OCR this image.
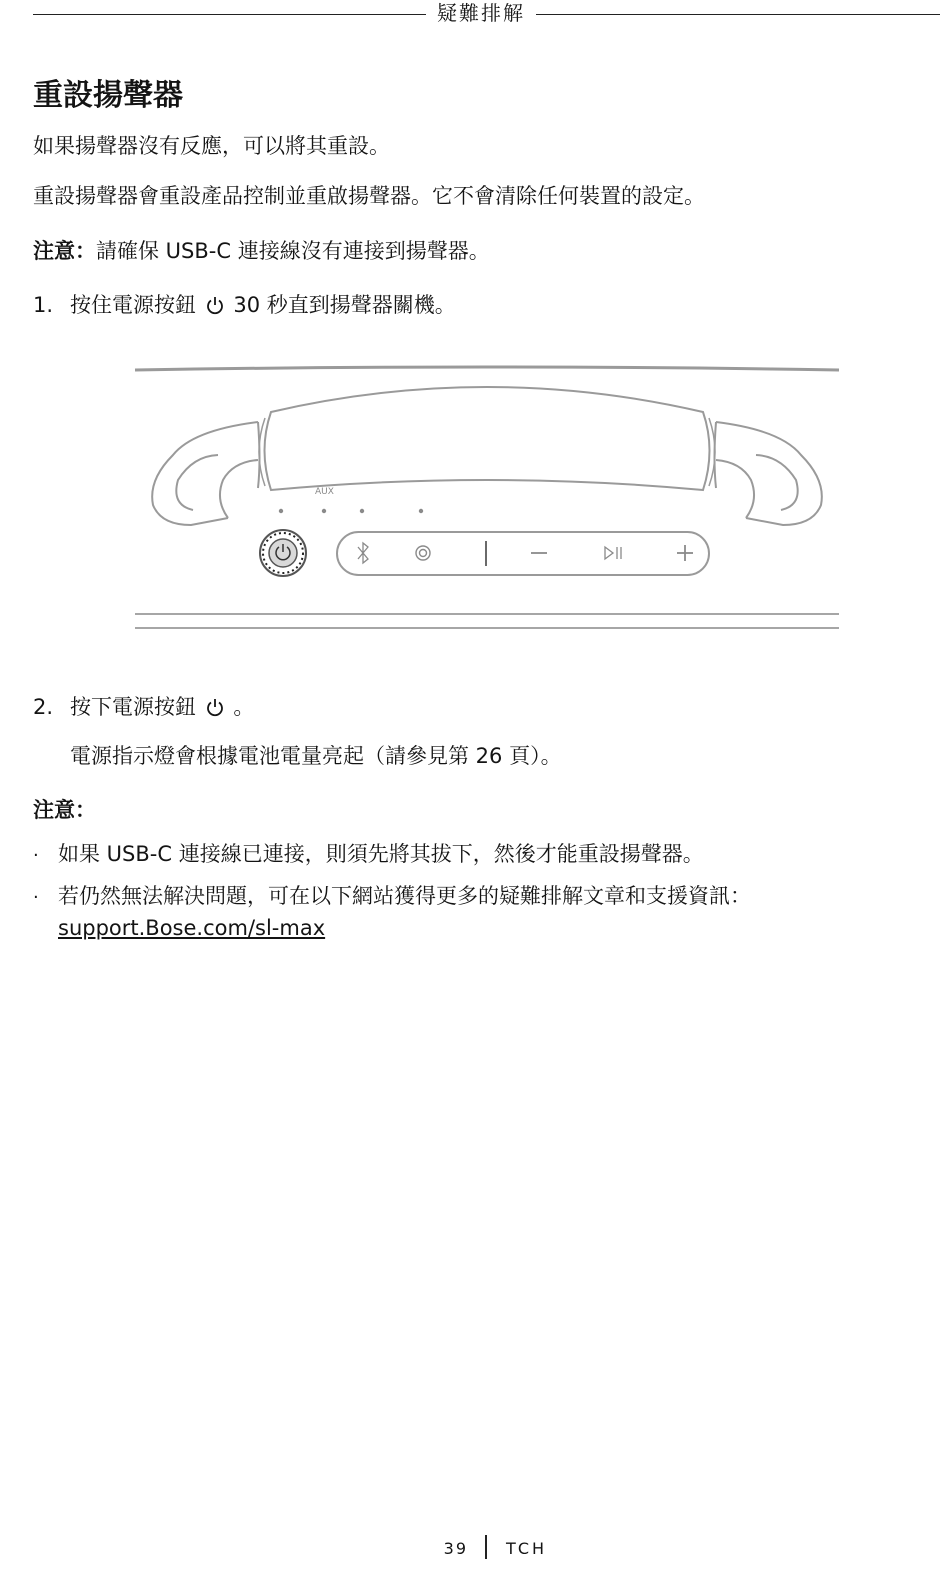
疑難排解
重設揚聲器

如果揚聲器沒有反應，可以將其重設。

重設揚聲器會重設產品控制並重啟揚聲器。它不會清除任何裝置的設定。

注意：請確保 USB-C 連接線沒有連接到揚聲器。

1. 按住電源按鈕 30 秒直到揚聲器關機。
AUX
2. 按下電源按鈕 。

電源指示燈會根據電池電量亮起（請參見第 26 頁）。

注意：

· 如果 USB-C 連接線已連接，則須先將其拔下，然後才能重設揚聲器。
· 若仍然無法解決問題，可在以下網站獲得更多的疑難排解文章和支援資訊：
support.Bose.com/sl-max
39 TCH
